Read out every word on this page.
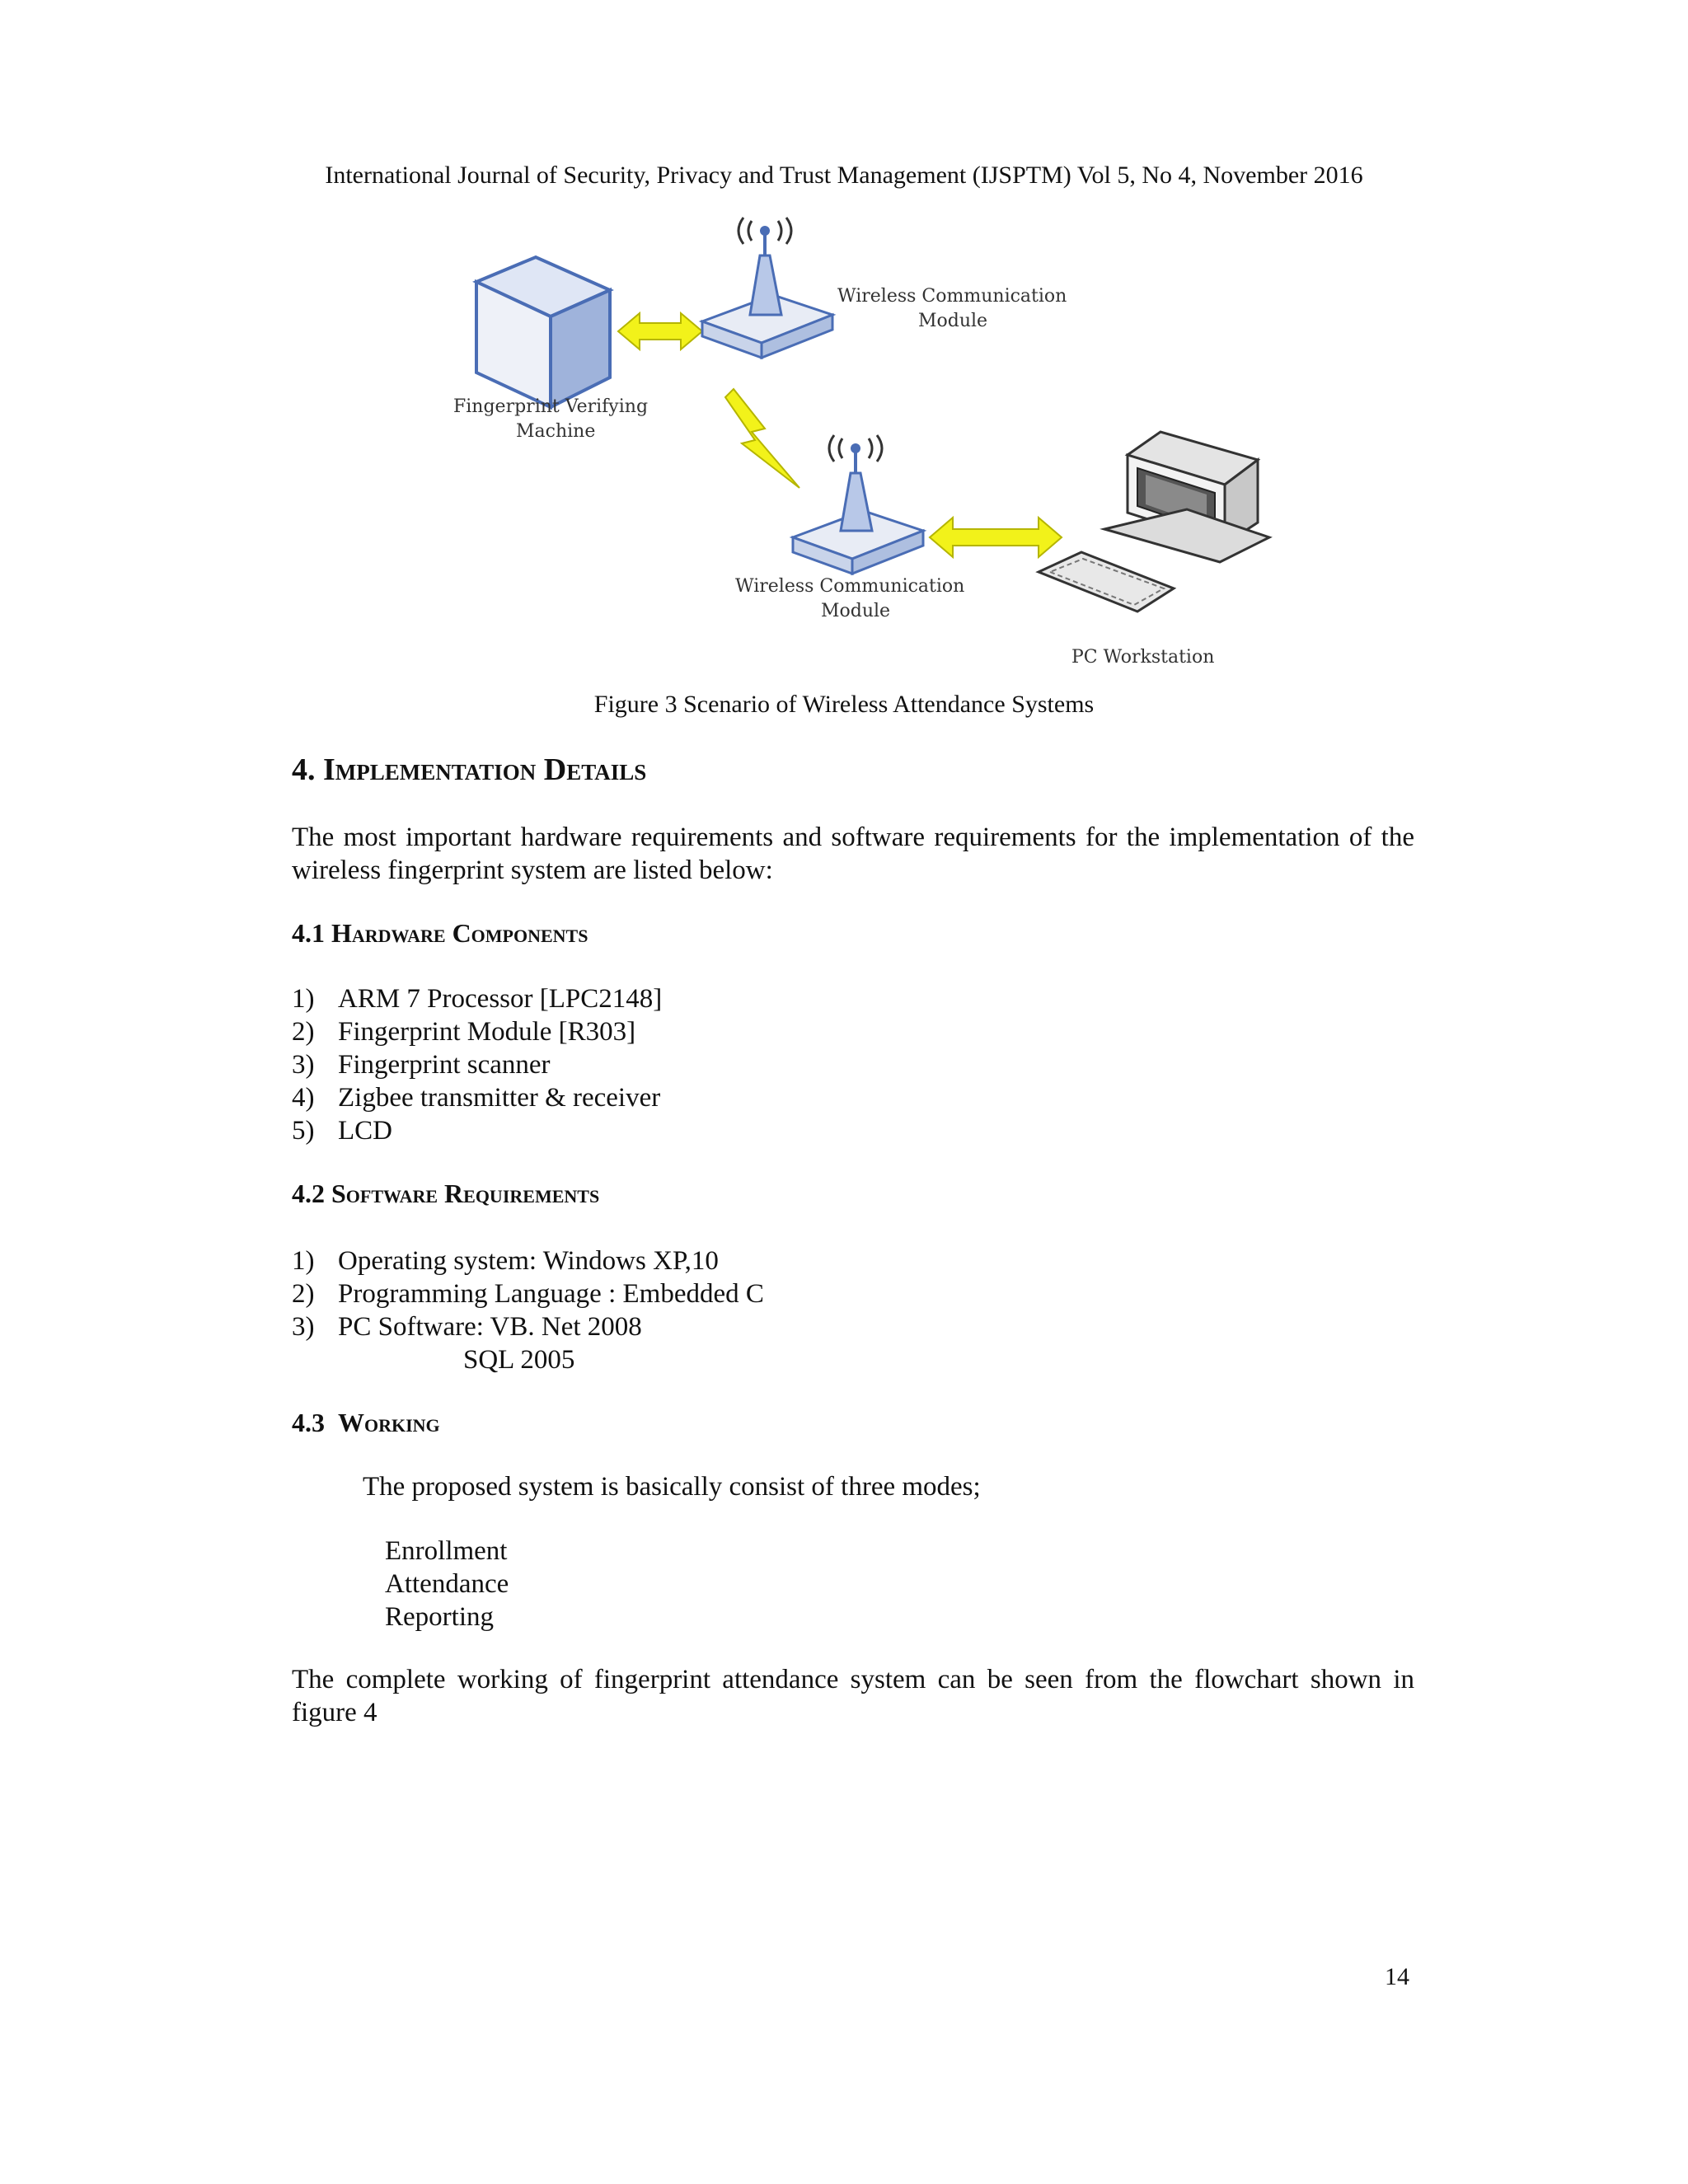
International Journal of Security, Privacy and Trust Management (IJSPTM) Vol 5, No 4, November 2016
Wireless Communication
Module
Fingerprint Verifying
Machine
Wireless Communication
Module
PC Workstation
Figure 3 Scenario of Wireless Attendance Systems
4. Implementation Details
The most important hardware requirements and software requirements for the implementation of the wireless fingerprint system are listed below:
4.1 Hardware Components
1) ARM 7 Processor [LPC2148]
2) Fingerprint Module [R303]
3) Fingerprint scanner
4) Zigbee transmitter & receiver
5) LCD
4.2 Software Requirements
1) Operating system: Windows XP,10
2) Programming Language : Embedded C
3) PC Software: VB. Net 2008
SQL 2005
4.3 Working
The proposed system is basically consist of three modes;
Enrollment
Attendance
Reporting
The complete working of fingerprint attendance system can be seen from the flowchart shown in figure 4
14
